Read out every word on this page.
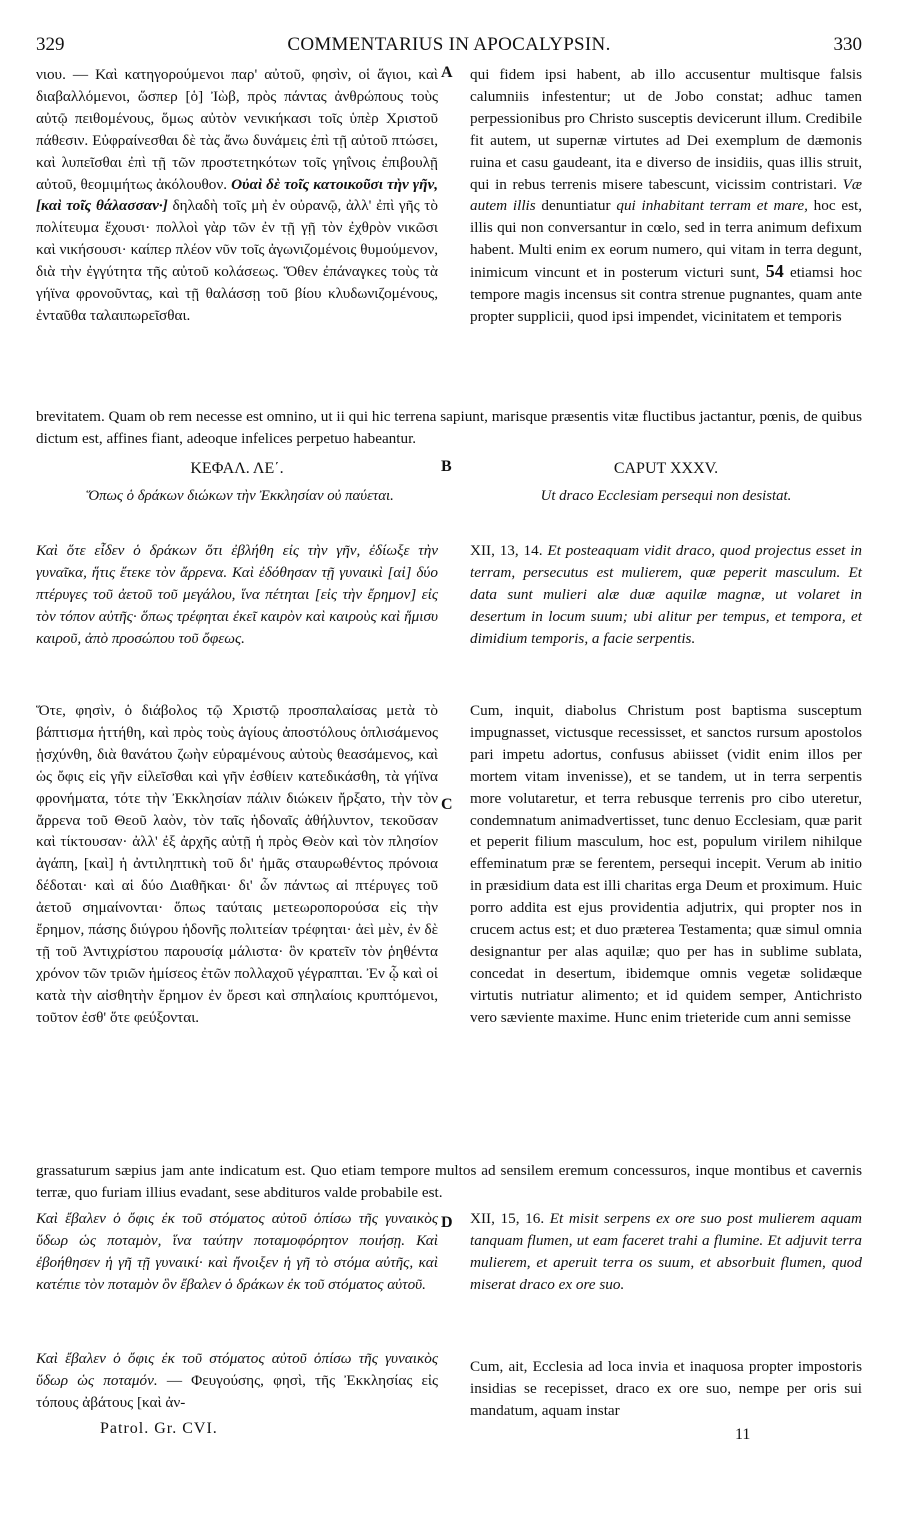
329	COMMENTARIUS IN APOCALYPSIN.	330

νιου. — Καὶ κατηγορούμενοι παρ' αὐτοῦ, φησὶν, οἱ ἅγιοι, καὶ διαβαλλόμενοι, ὥσπερ [ὁ] Ἰὼβ, πρὸς πάντας ἀνθρώπους τοὺς αὐτῷ πειθομένους, ὅμως αὐτὸν νενικήκασι τοῖς ὑπὲρ Χριστοῦ πάθεσιν. Εὐφραίνεσθαι δὲ τὰς ἄνω δυνάμεις ἐπὶ τῇ αὐτοῦ πτώσει, καὶ λυπεῖσθαι ἐπὶ τῇ τῶν προστετηκότων τοῖς γηΐνοις ἐπιβουλῇ αὐτοῦ, θεομιμήτως ἀκόλουθον. Οὐαὶ δὲ τοῖς κατοικοῦσι τὴν γῆν, [καὶ τοῖς θάλασσαν·] δηλαδὴ τοῖς μὴ ἐν οὐρανῷ, ἀλλ' ἐπὶ γῆς τὸ πολίτευμα ἔχουσι· πολλοὶ γὰρ τῶν ἐν τῇ γῇ τὸν ἐχθρὸν νικῶσι καὶ νικήσουσι· καίπερ πλέον νῦν τοῖς ἀγωνιζομένοις θυμούμενον, διὰ τὴν ἐγγύτητα τῆς αὐτοῦ κολάσεως. Ὅθεν ἐπάναγκες τοὺς τὰ γήϊνα φρονοῦντας, καὶ τῇ θαλάσσῃ τοῦ βίου κλυδωνιζομένους, ἐνταῦθα ταλαιπωρεῖσθαι.

A qui fidem ipsi habent, ab illo accusentur multisque falsis calumniis infestentur; ut de Jobo constat; adhuc tamen perpessionibus pro Christo susceptis devicerunt illum. Credibile fit autem, ut supernæ virtutes ad Dei exemplum de dæmonis ruina et casu gaudeant, ita e diverso de insidiis, quas illis struit, qui in rebus terrenis misere tabescunt, vicissim contristari. Væ autem illis denuntiatur qui inhabitant terram et mare, hoc est, illis qui non conversantur in cœlo, sed in terra animum defixum habent. Multi enim ex eorum numero, qui vitam in terra degunt, inimicum vincunt et in posterum victuri sunt, 54 etiamsi hoc tempore magis incensus sit contra strenue pugnantes, quam ante propter supplicii, quod ipsi impendet, vicinitatem et temporis

brevitatem. Quam ob rem necesse est omnino, ut ii qui hic terrena sapiunt, marisque præsentis vitæ fluctibus jactantur, pœnis, de quibus dictum est, affines fiant, adeoque infelices perpetuo habeantur.
ΚΕΦΑΛ. ΛΕ΄.	B	CAPUT XXXV.
Ὅπως ὁ δράκων διώκων τὴν Ἐκκλησίαν οὐ παύεται.	Ut draco Ecclesiam persequi non desistat.

Καὶ ὅτε εἶδεν ὁ δράκων ὅτι ἐβλήθη εἰς τὴν γῆν, ἐδίωξε τὴν γυναῖκα, ἥτις ἔτεκε τὸν ἄρρενα. Καὶ ἐδόθησαν τῇ γυναικὶ [αἱ] δύο πτέρυγες τοῦ ἀετοῦ τοῦ μεγάλου, ἵνα πέτηται [εἰς τὴν ἔρημον] εἰς τὸν τόπον αὐτῆς· ὅπως τρέφηται ἐκεῖ καιρὸν καὶ καιροὺς καὶ ἥμισυ καιροῦ, ἀπὸ προσώπου τοῦ ὄφεως.

XII, 13, 14. Et posteaquam vidit draco, quod projectus esset in terram, persecutus est mulierem, quæ peperit masculum. Et data sunt mulieri alæ duæ aquilæ magnæ, ut volaret in desertum in locum suum; ubi alitur per tempus, et tempora, et dimidium temporis, a facie serpentis.

Ὅτε, φησὶν, ὁ διάβολος τῷ Χριστῷ προσπαλαίσας μετὰ τὸ βάπτισμα ἡττήθη, καὶ πρὸς τοὺς ἁγίους ἀποστόλους ὁπλισάμενος ᾐσχύνθη, διὰ θανάτου ζωὴν εὑραμένους αὐτοὺς θεασάμενος, καὶ ὡς ὄφις εἰς γῆν εἱλεῖσθαι καὶ γῆν ἐσθίειν κατεδικάσθη, τὰ γήϊνα φρονήματα, τότε τὴν Ἐκκλησίαν πάλιν διώκειν ἤρξατο, τὴν τὸν ἄρρενα τοῦ Θεοῦ λαὸν, τὸν ταῖς ἡδοναῖς ἀθήλυντον, τεκοῦσαν καὶ τίκτουσαν· ἀλλ' ἐξ ἀρχῆς αὐτῇ ἡ πρὸς Θεὸν καὶ τὸν πλησίον ἀγάπη, [καὶ] ἡ ἀντιληπτικὴ τοῦ δι' ἡμᾶς σταυρωθέντος πρόνοια δέδοται· καὶ αἱ δύο Διαθῆκαι· δι' ὧν πάντως αἱ πτέρυγες τοῦ ἀετοῦ σημαίνονται· ὅπως ταύταις μετεωροπορούσα εἰς τὴν ἔρημον, πάσης διύγρου ἡδονῆς πολιτείαν τρέφηται· ἀεὶ μὲν, ἐν δὲ τῇ τοῦ Ἀντιχρίστου παρουσίᾳ μάλιστα· ὃν κρατεῖν τὸν ῥηθέντα χρόνον τῶν τριῶν ἡμίσεος ἐτῶν πολλαχοῦ γέγραπται. Ἐν ᾧ καὶ οἱ κατὰ τὴν αἰσθητὴν ἔρημον ἐν ὄρεσι καὶ σπηλαίοις κρυπτόμενοι, τοῦτον ἐσθ' ὅτε φεύξονται.

C

Cum, inquit, diabolus Christum post baptisma susceptum impugnasset, victusque recessisset, et sanctos rursum apostolos pari impetu adortus, confusus abiisset (vidit enim illos per mortem vitam invenisse), et se tandem, ut in terra serpentis more volutaretur, et terra rebusque terrenis pro cibo uteretur, condemnatum animadvertisset, tunc denuo Ecclesiam, quæ parit et peperit filium masculum, hoc est, populum virilem nihilque effeminatum præ se ferentem, persequi incepit. Verum ab initio in præsidium data est illi charitas erga Deum et proximum. Huic porro addita est ejus providentia adjutrix, qui propter nos in crucem actus est; et duo præterea Testamenta; quæ simul omnia designantur per alas aquilæ; quo per has in sublime sublata, concedat in desertum, ibidemque omnis vegetæ solidæque virtutis nutriatur alimento; et id quidem semper, Antichristo vero sæviente maxime. Hunc enim trieteride cum anni semisse

grassaturum sæpius jam ante indicatum est. Quo etiam tempore multos ad sensilem eremum concessuros, inque montibus et cavernis terræ, quo furiam illius evadant, sese abdituros valde probabile est.

Καὶ ἔβαλεν ὁ ὄφις ἐκ τοῦ στόματος αὐτοῦ ὀπίσω τῆς γυναικὸς ὕδωρ ὡς ποταμὸν, ἵνα ταύτην ποταμοφόρητον ποιήσῃ. Καὶ ἐβοήθησεν ἡ γῆ τῇ γυναικί· καὶ ἤνοιξεν ἡ γῆ τὸ στόμα αὐτῆς, καὶ κατέπιε τὸν ποταμὸν ὃν ἔβαλεν ὁ δράκων ἐκ τοῦ στόματος αὐτοῦ.

D XII, 15, 16. Et misit serpens ex ore suo post mulierem aquam tanquam flumen, ut eam faceret trahi a flumine. Et adjuvit terra mulierem, et aperuit terra os suum, et absorbuit flumen, quod miserat draco ex ore suo.

Καὶ ἔβαλεν ὁ ὄφις ἐκ τοῦ στόματος αὐτοῦ ὀπίσω τῆς γυναικὸς ὕδωρ ὡς ποταμόν. — Φευγούσης, φησὶ, τῆς Ἐκκλησίας εἰς τόπους ἀβάτους [καὶ ἀν-

Cum, ait, Ecclesia ad loca invia et inaquosa propter impostoris insidias se recepisset, draco ex ore suo, nempe per oris sui mandatum, aquam instar

Patrol. Gr. CVI.	11
